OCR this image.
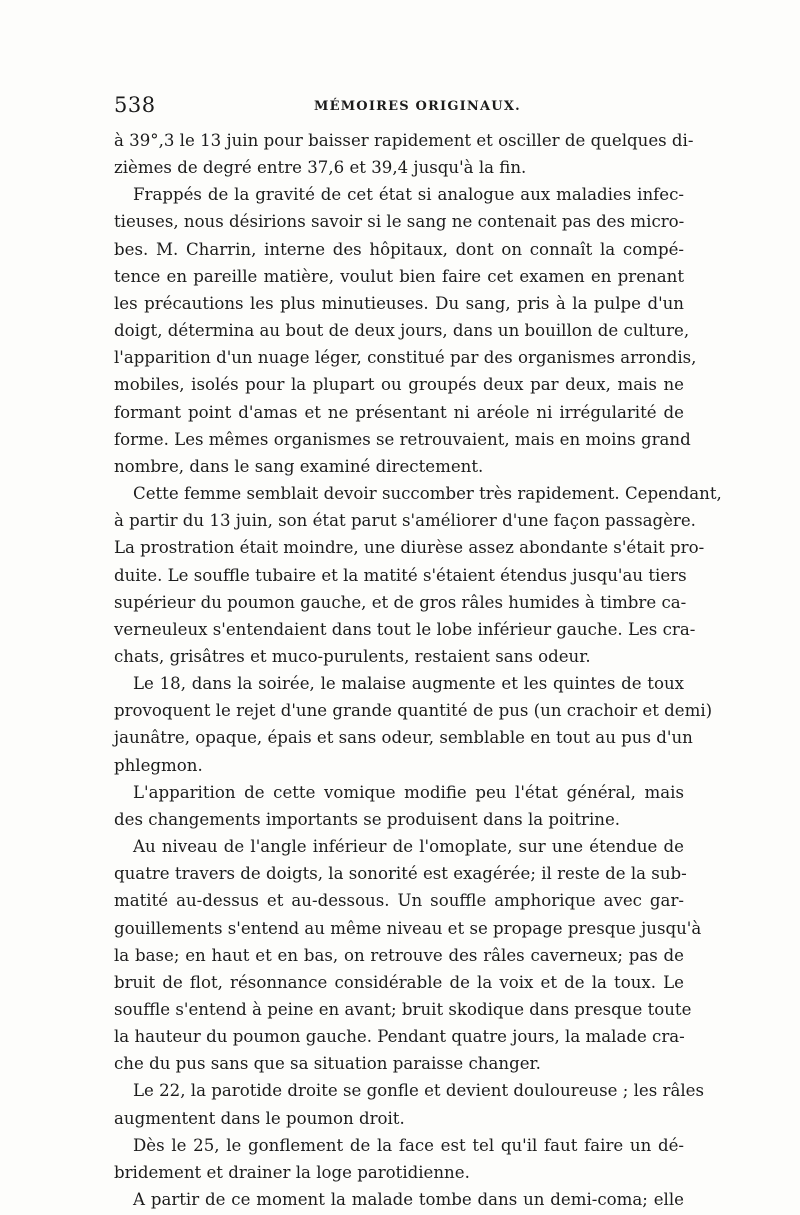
538	MÉMOIRES ORIGINAUX.
à 39°,3 le 13 juin pour baisser rapidement et osciller de quelques di-
zièmes de degré entre 37,6 et 39,4 jusqu'à la fin.
Frappés de la gravité de cet état si analogue aux maladies infec-
tieuses, nous désirions savoir si le sang ne contenait pas des micro-
bes. M. Charrin, interne des hôpitaux, dont on connaît la compé-
tence en pareille matière, voulut bien faire cet examen en prenant
les précautions les plus minutieuses. Du sang, pris à la pulpe d'un
doigt, détermina au bout de deux jours, dans un bouillon de culture,
l'apparition d'un nuage léger, constitué par des organismes arrondis,
mobiles, isolés pour la plupart ou groupés deux par deux, mais ne
formant point d'amas et ne présentant ni aréole ni irrégularité de
forme. Les mêmes organismes se retrouvaient, mais en moins grand
nombre, dans le sang examiné directement.
Cette femme semblait devoir succomber très rapidement. Cependant,
à partir du 13 juin, son état parut s'améliorer d'une façon passagère.
La prostration était moindre, une diurèse assez abondante s'était pro-
duite. Le souffle tubaire et la matité s'étaient étendus jusqu'au tiers
supérieur du poumon gauche, et de gros râles humides à timbre ca-
verneuleux s'entendaient dans tout le lobe inférieur gauche. Les cra-
chats, grisâtres et muco-purulents, restaient sans odeur.
Le 18, dans la soirée, le malaise augmente et les quintes de toux
provoquent le rejet d'une grande quantité de pus (un crachoir et demi)
jaunâtre, opaque, épais et sans odeur, semblable en tout au pus d'un
phlegmon.
L'apparition de cette vomique modifie peu l'état général, mais
des changements importants se produisent dans la poitrine.
Au niveau de l'angle inférieur de l'omoplate, sur une étendue de
quatre travers de doigts, la sonorité est exagérée; il reste de la sub-
matité au-dessus et au-dessous. Un souffle amphorique avec gar-
gouillements s'entend au même niveau et se propage presque jusqu'à
la base; en haut et en bas, on retrouve des râles caverneux; pas de
bruit de flot, résonnance considérable de la voix et de la toux. Le
souffle s'entend à peine en avant; bruit skodique dans presque toute
la hauteur du poumon gauche. Pendant quatre jours, la malade cra-
che du pus sans que sa situation paraisse changer.
Le 22, la parotide droite se gonfle et devient douloureuse ; les râles
augmentent dans le poumon droit.
Dès le 25, le gonflement de la face est tel qu'il faut faire un dé-
bridement et drainer la loge parotidienne.
A partir de ce moment la malade tombe dans un demi-coma; elle
